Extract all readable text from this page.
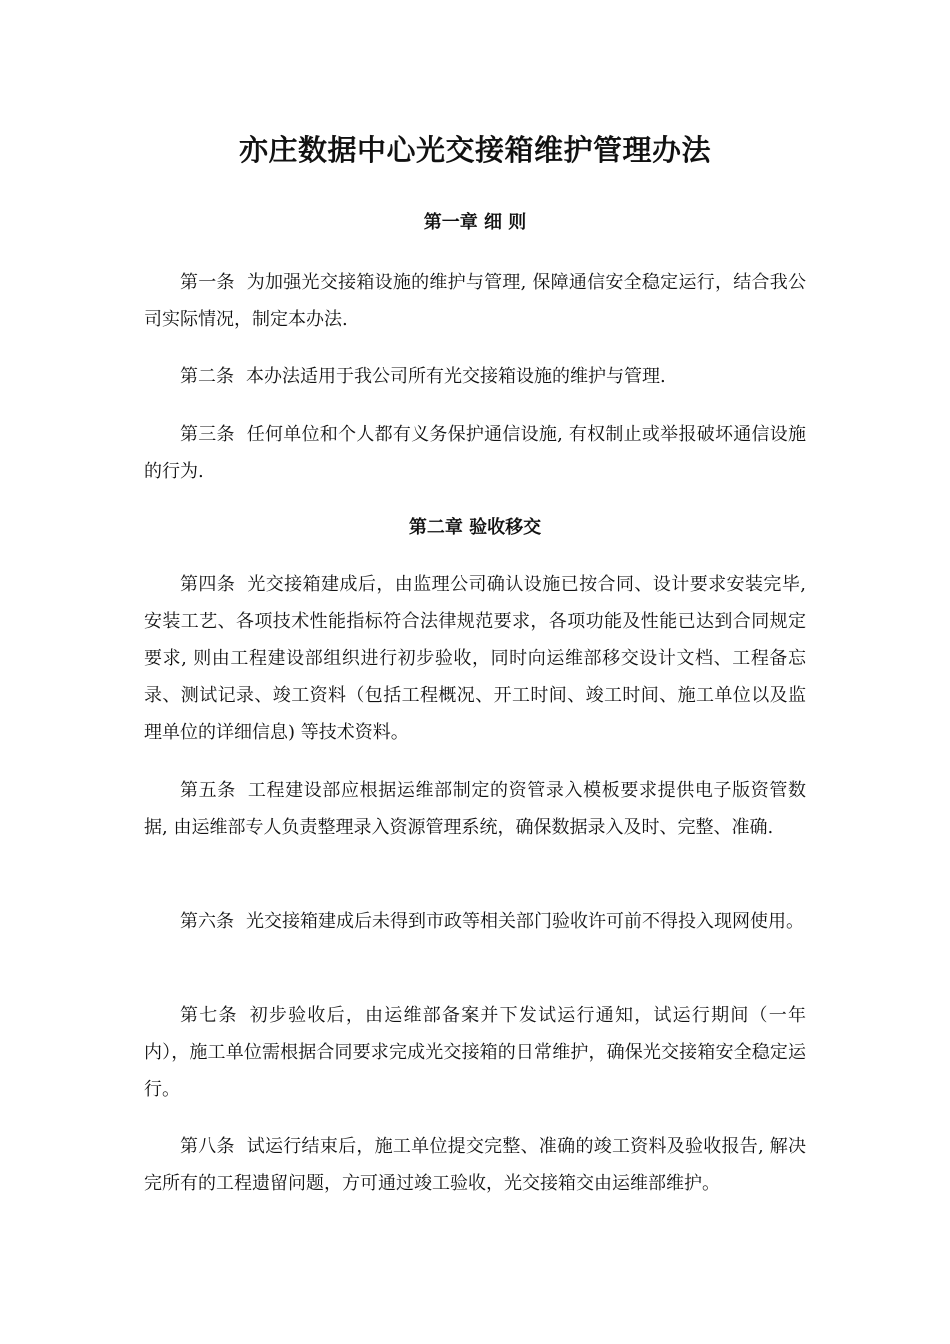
亦庄数据中心光交接箱维护管理办法
第一章 细 则

第一条 为加强光交接箱设施的维护与管理, 保障通信安全稳定运行，结合我公司实际情况，制定本办法.

第二条 本办法适用于我公司所有光交接箱设施的维护与管理.

第三条 任何单位和个人都有义务保护通信设施, 有权制止或举报破坏通信设施的行为.

第二章 验收移交

第四条 光交接箱建成后，由监理公司确认设施已按合同、设计要求安装完毕, 安装工艺、各项技术性能指标符合法律规范要求，各项功能及性能已达到合同规定要求, 则由工程建设部组织进行初步验收，同时向运维部移交设计文档、工程备忘录、测试记录、竣工资料（包括工程概况、开工时间、竣工时间、施工单位以及监理单位的详细信息) 等技术资料。

第五条 工程建设部应根据运维部制定的资管录入模板要求提供电子版资管数据, 由运维部专人负责整理录入资源管理系统，确保数据录入及时、完整、准确.

第六条 光交接箱建成后未得到市政等相关部门验收许可前不得投入现网使用。

第七条 初步验收后，由运维部备案并下发试运行通知，试运行期间（一年内），施工单位需根据合同要求完成光交接箱的日常维护，确保光交接箱安全稳定运行。

第八条 试运行结束后，施工单位提交完整、准确的竣工资料及验收报告, 解决完所有的工程遗留问题，方可通过竣工验收，光交接箱交由运维部维护。
